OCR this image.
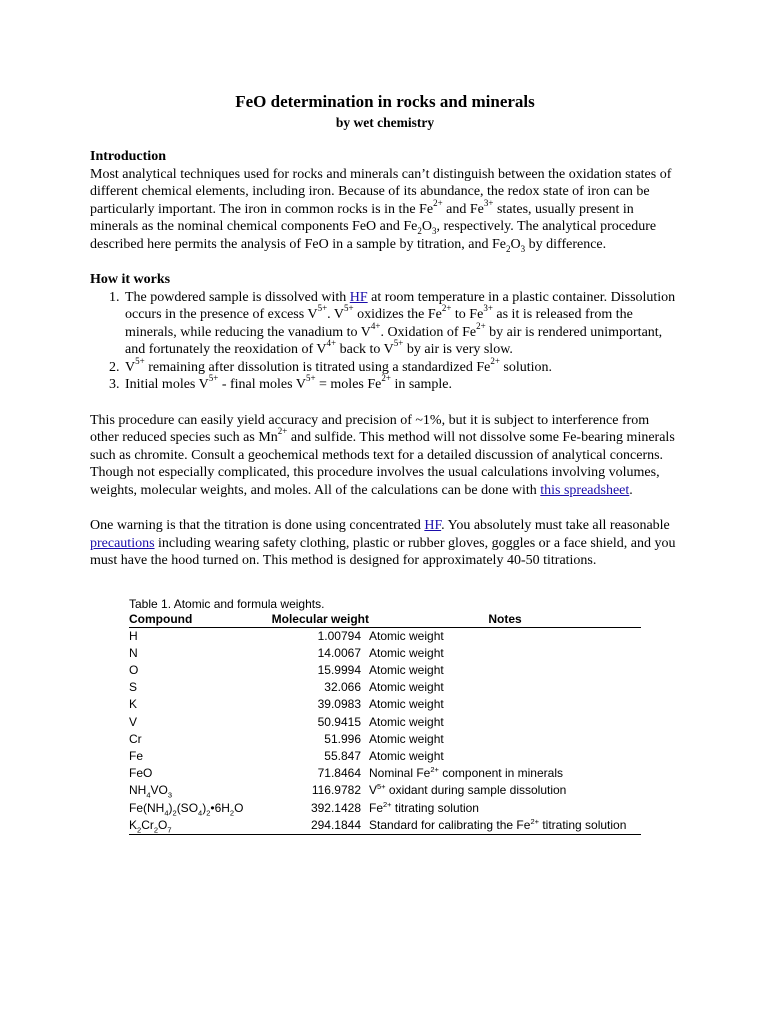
FeO determination in rocks and minerals
by wet chemistry
Introduction

Most analytical techniques used for rocks and minerals can’t distinguish between the oxidation states of different chemical elements, including iron. Because of its abundance, the redox state of iron can be particularly important. The iron in common rocks is in the $Fe^{2+}$ and $Fe^{3+}$ states, usually present in minerals as the nominal chemical components FeO and $Fe_2O_3$, respectively. The analytical procedure described here permits the analysis of FeO in a sample by titration, and $Fe_2O_3$ by difference.

How it works
1. The powdered sample is dissolved with HF at room temperature in a plastic container. Dissolution occurs in the presence of excess $V^{5+}$. $V^{5+}$ oxidizes the $Fe^{2+}$ to $Fe^{3+}$ as it is released from the minerals, while reducing the vanadium to $V^{4+}$. Oxidation of $Fe^{2+}$ by air is rendered unimportant, and fortunately the reoxidation of $V^{4+}$ back to $V^{5+}$ by air is very slow.
2. $V^{5+}$ remaining after dissolution is titrated using a standardized $Fe^{2+}$ solution.
3. Initial moles $V^{5+}$ - final moles $V^{5+}$ = moles $Fe^{2+}$ in sample.

This procedure can easily yield accuracy and precision of ~1%, but it is subject to interference from other reduced species such as $Mn^{2+}$ and sulfide. This method will not dissolve some Fe-bearing minerals such as chromite. Consult a geochemical methods text for a detailed discussion of analytical concerns. Though not especially complicated, this procedure involves the usual calculations involving volumes, weights, molecular weights, and moles. All of the calculations can be done with this spreadsheet.

One warning is that the titration is done using concentrated HF. You absolutely must take all reasonable precautions including wearing safety clothing, plastic or rubber gloves, goggles or a face shield, and you must have the hood turned on. This method is designed for approximately 40-50 titrations.

Table 1. Atomic and formula weights.
Compound	Molecular weight	Notes
H	1.00794	Atomic weight
N	14.0067	Atomic weight
O	15.9994	Atomic weight
S	32.066	Atomic weight
K	39.0983	Atomic weight
V	50.9415	Atomic weight
Cr	51.996	Atomic weight
Fe	55.847	Atomic weight
FeO	71.8464	Nominal $Fe^{2+}$ component in minerals
$NH_4VO_3$	116.9782	$V^{5+}$ oxidant during sample dissolution
$Fe(NH_4)_2(SO_4)_2•6H_2O$	392.1428	$Fe^{2+}$ titrating solution
$K_2Cr_2O_7$	294.1844	Standard for calibrating the $Fe^{2+}$ titrating solution
